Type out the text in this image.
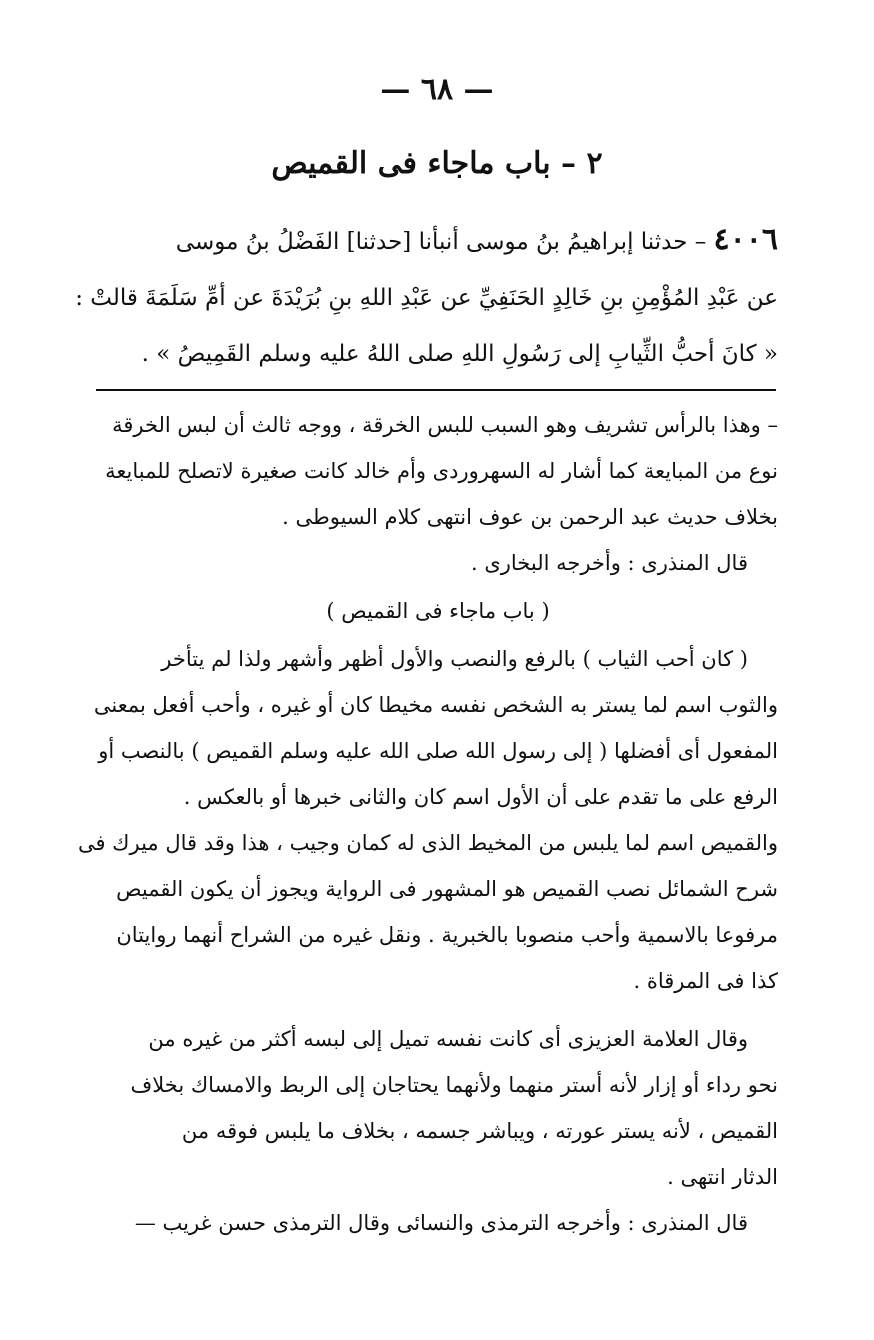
— ٦٨ —
٢ – باب ماجاء فى القميص
٤٠٠٦ – حدثنا إبراهيمُ بنُ موسى أنبأنا [حدثنا] الفَضْلُ بنُ موسى
عن عَبْدِ المُؤْمِنِ بنِ خَالِدٍ الحَنَفِيِّ عن عَبْدِ اللهِ بنِ بُرَيْدَةَ عن أمِّ سَلَمَةَ قالتْ :
« كانَ أحبُّ الثِّيابِ إلى رَسُولِ اللهِ صلى اللهُ عليه وسلم القَمِيصُ » .
– وهذا بالرأس تشريف وهو السبب للبس الخرقة ، ووجه ثالث أن لبس الخرقة
نوع من المبايعة كما أشار له السهروردى وأم خالد كانت صغيرة لاتصلح للمبايعة
بخلاف حديث عبد الرحمن بن عوف انتهى كلام السيوطى .
قال المنذرى : وأخرجه البخارى .
( باب ماجاء فى القميص )
( كان أحب الثياب ) بالرفع والنصب والأول أظهر وأشهر ولذا لم يتأخر
والثوب اسم لما يستر به الشخص نفسه مخيطا كان أو غيره ، وأحب أفعل بمعنى
المفعول أى أفضلها ( إلى رسول الله صلى الله عليه وسلم القميص ) بالنصب أو
الرفع على ما تقدم على أن الأول اسم كان والثانى خبرها أو بالعكس .
والقميص اسم لما يلبس من المخيط الذى له كمان وجيب ، هذا وقد قال ميرك فى
شرح الشمائل نصب القميص هو المشهور فى الرواية ويجوز أن يكون القميص
مرفوعا بالاسمية وأحب منصوبا بالخبرية . ونقل غيره من الشراح أنهما روايتان
كذا فى المرقاة .
وقال العلامة العزيزى أى كانت نفسه تميل إلى لبسه أكثر من غيره من
نحو رداء أو إزار لأنه أستر منهما ولأنهما يحتاجان إلى الربط والامساك بخلاف
القميص ، لأنه يستر عورته ، ويباشر جسمه ، بخلاف ما يلبس فوقه من
الدثار انتهى .
قال المنذرى : وأخرجه الترمذى والنسائى وقال الترمذى حسن غريب —
